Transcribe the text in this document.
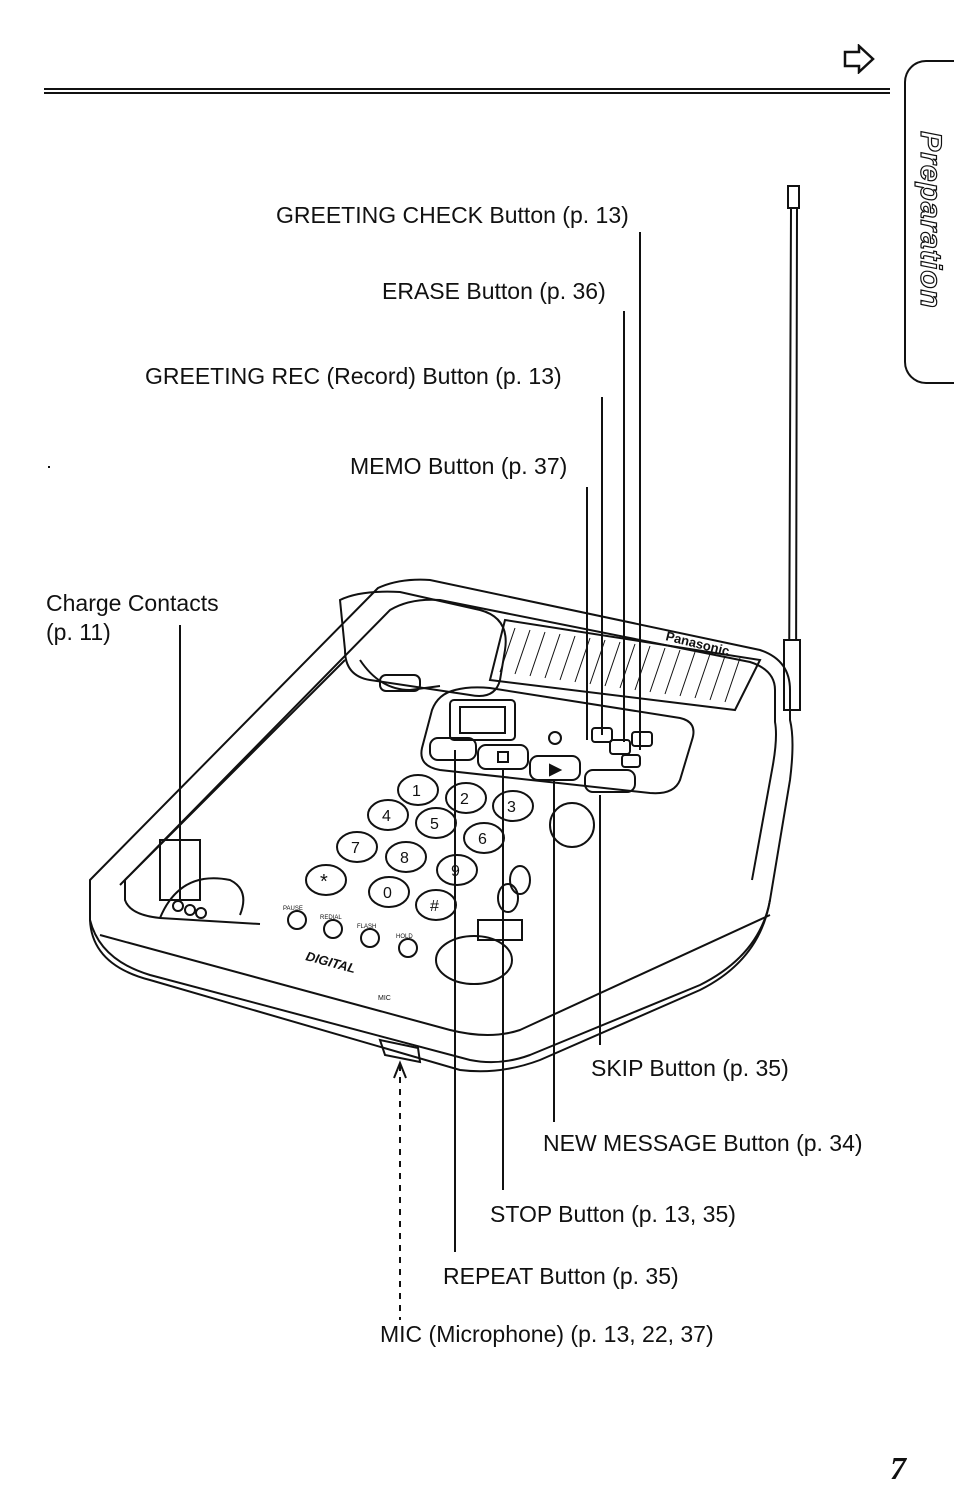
Preparation
Panasonic
DIGITAL
MIC
1 2 3
4 5
6
7
8
9
*
0
#
PAUSE
REDIAL
FLASH
HOLD
GREETING CHECK Button (p. 13)
ERASE Button (p. 36)
GREETING REC (Record) Button (p. 13)
MEMO Button (p. 37)
Charge Contacts
(p. 11)
SKIP Button (p. 35)
NEW MESSAGE Button (p. 34)
STOP Button (p. 13, 35)
REPEAT Button (p. 35)
MIC (Microphone) (p. 13, 22, 37)
7
